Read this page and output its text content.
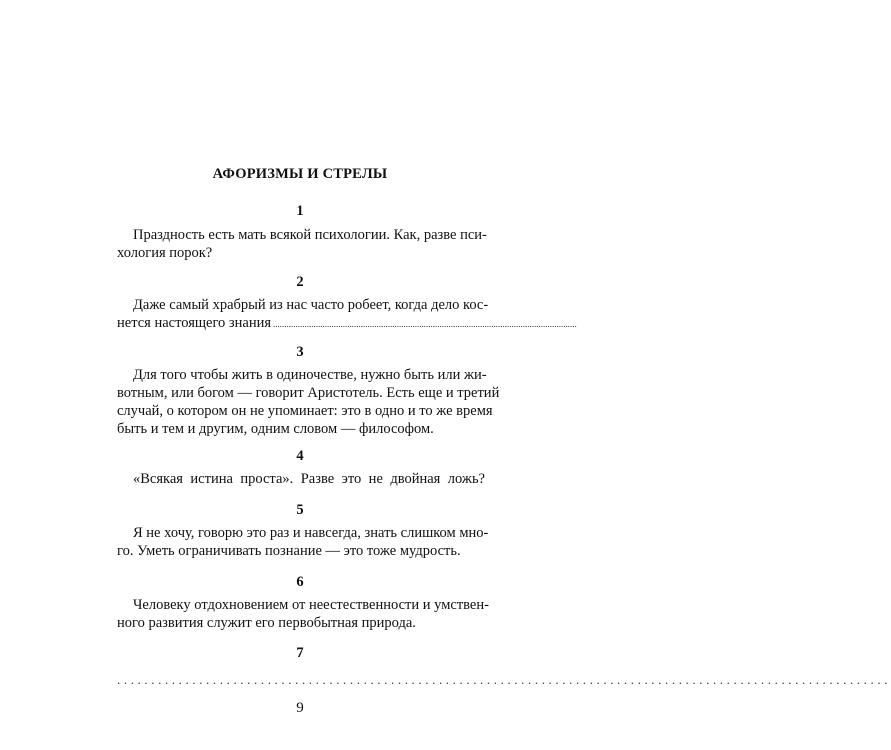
АФОРИЗМЫ И СТРЕЛЫ
1
Праздность есть мать всякой психологии. Как, разве пси-
хология порок?
2
Даже самый храбрый из нас часто робеет, когда дело кос-
нется настоящего знания .......................................................................................................................................
3
Для того чтобы жить в одиночестве, нужно быть или жи-
вотным, или богом — говорит Аристотель. Есть еще и третий
случай, о котором он не упоминает: это в одно и то же время
быть и тем и другим, одним словом — философом.
4
«Всякая истина проста». Разве это не двойная ложь?
5
Я не хочу, говорю это раз и навсегда, знать слишком мно-
го. Уметь ограничивать познание — это тоже мудрость.
6
Человеку отдохновением от неестественности и умствен-
ного развития служит его первобытная природа.
7
.................................................................................................................
9
